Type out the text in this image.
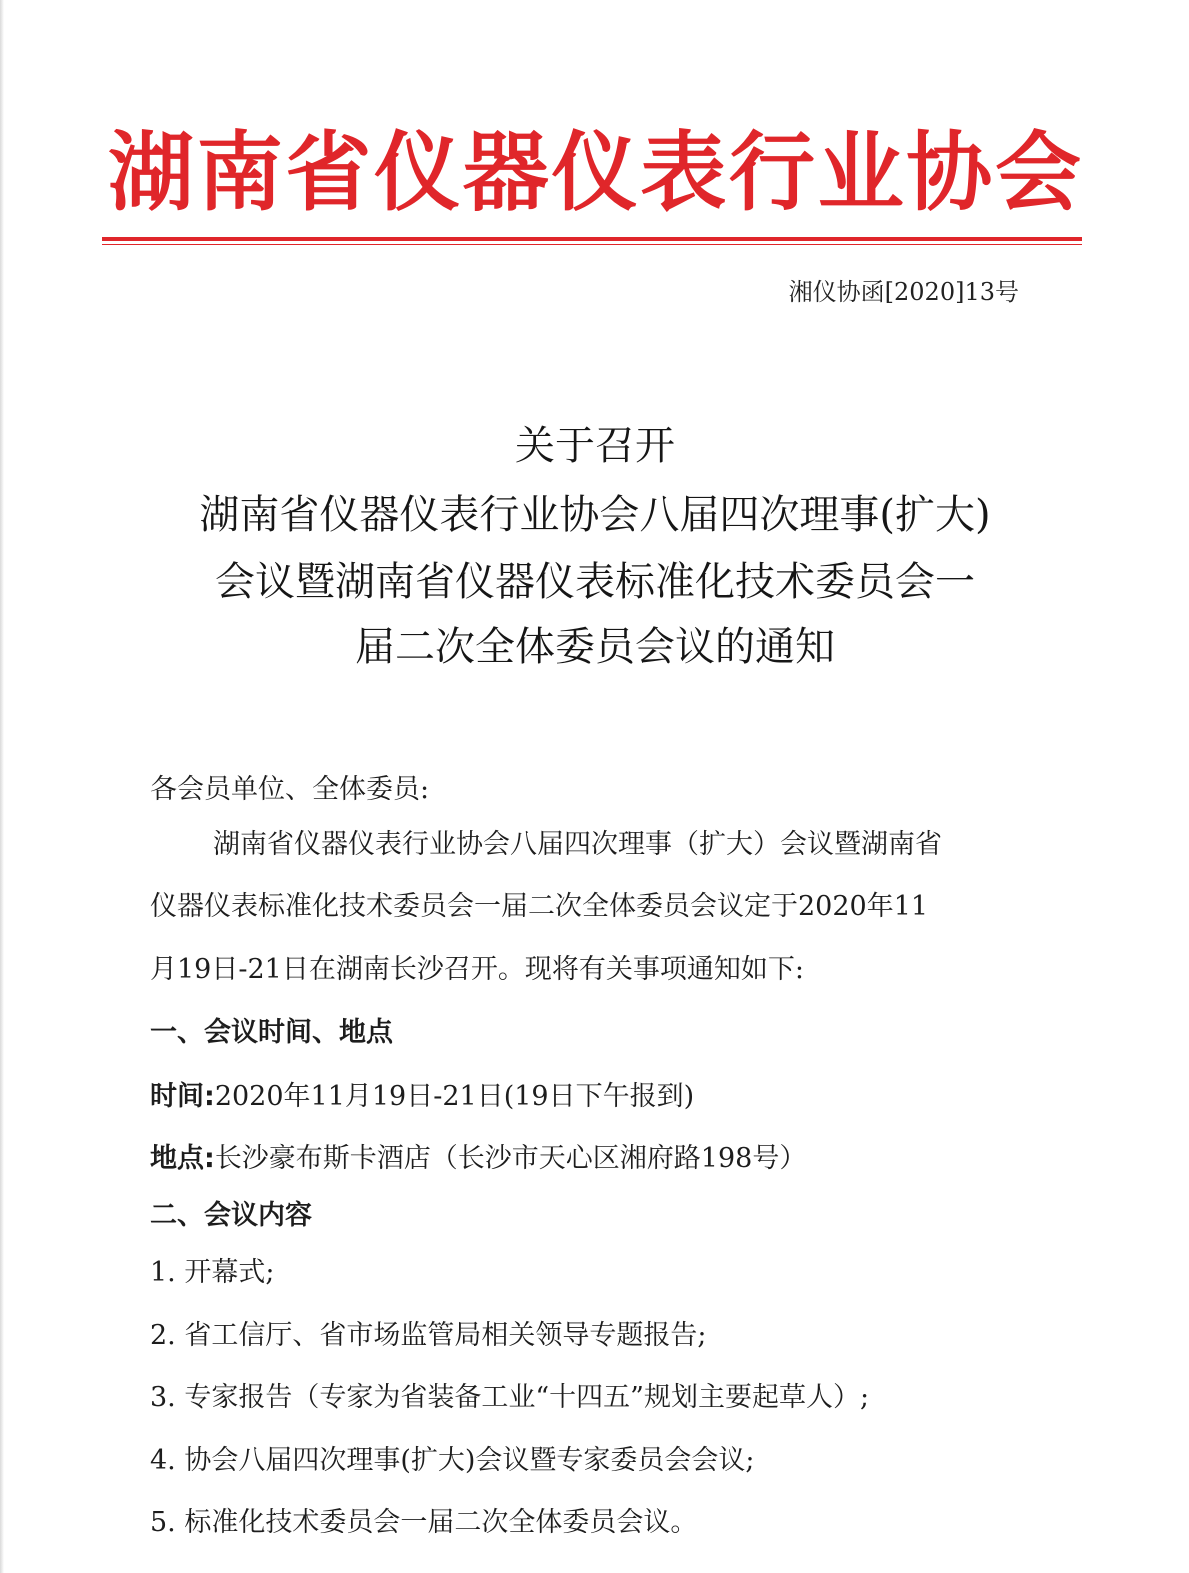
湖南省仪器仪表行业协会
湘仪协函[2020]13号
关于召开
湖南省仪器仪表行业协会八届四次理事(扩大)
会议暨湖南省仪器仪表标准化技术委员会一
届二次全体委员会议的通知
各会员单位、全体委员:
湖南省仪器仪表行业协会八届四次理事（扩大）会议暨湖南省
仪器仪表标准化技术委员会一届二次全体委员会议定于2020年11
月19日-21日在湖南长沙召开。现将有关事项通知如下:
一、会议时间、地点
时间:2020年11月19日-21日(19日下午报到)
地点:长沙豪布斯卡酒店（长沙市天心区湘府路198号）
二、会议内容
1. 开幕式;
2. 省工信厅、省市场监管局相关领导专题报告;
3. 专家报告（专家为省装备工业“十四五”规划主要起草人）;
4. 协会八届四次理事(扩大)会议暨专家委员会会议;
5. 标准化技术委员会一届二次全体委员会议。
